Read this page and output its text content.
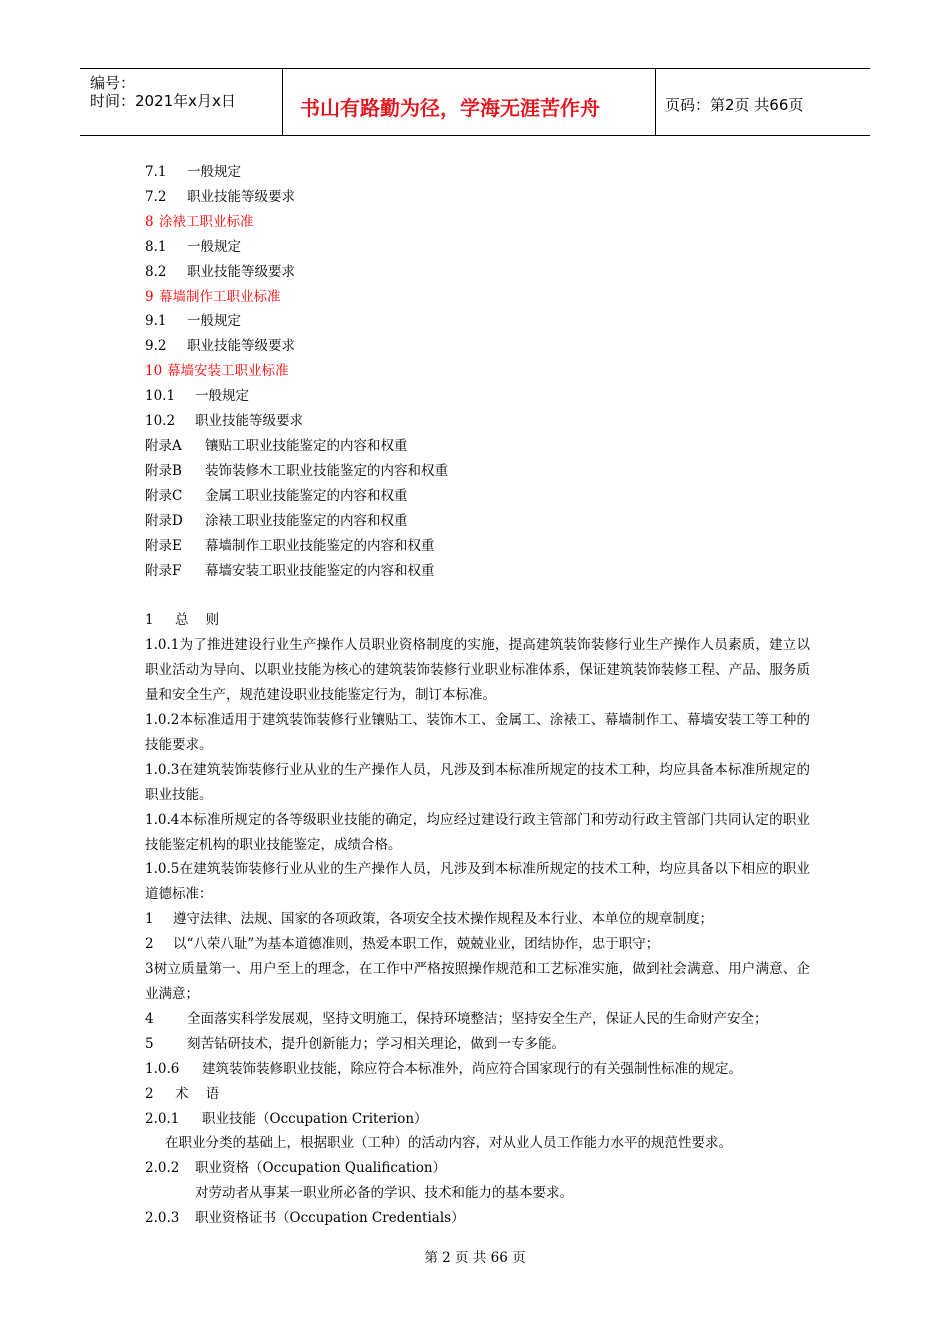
编号：
时间：2021年x月x日	书山有路勤为径，学海无涯苦作舟	页码：第2页 共66页
7.1 一般规定
7.2 职业技能等级要求
8 涂裱工职业标准
8.1 一般规定
8.2 职业技能等级要求
9 幕墙制作工职业标准
9.1 一般规定
9.2 职业技能等级要求
10 幕墙安装工职业标准
10.1 一般规定
10.2 职业技能等级要求
附录A 镶贴工职业技能鉴定的内容和权重
附录B 装饰装修木工职业技能鉴定的内容和权重
附录C 金属工职业技能鉴定的内容和权重
附录D 涂裱工职业技能鉴定的内容和权重
附录E 幕墙制作工职业技能鉴定的内容和权重
附录F 幕墙安装工职业技能鉴定的内容和权重
1 总    则
1.0.1为了推进建设行业生产操作人员职业资格制度的实施，提高建筑装饰装修行业生产操作人员素质，建立以职业活动为导向、以职业技能为核心的建筑装饰装修行业职业标准体系，保证建筑装饰装修工程、产品、服务质量和安全生产，规范建设职业技能鉴定行为，制订本标准。
1.0.2本标准适用于建筑装饰装修行业镶贴工、装饰木工、金属工、涂裱工、幕墙制作工、幕墙安装工等工种的技能要求。
1.0.3在建筑装饰装修行业从业的生产操作人员，凡涉及到本标准所规定的技术工种，均应具备本标准所规定的职业技能。
1.0.4本标准所规定的各等级职业技能的确定，均应经过建设行政主管部门和劳动行政主管部门共同认定的职业技能鉴定机构的职业技能鉴定，成绩合格。
1.0.5在建筑装饰装修行业从业的生产操作人员，凡涉及到本标准所规定的技术工种，均应具备以下相应的职业道德标准：
1 遵守法律、法规、国家的各项政策，各项安全技术操作规程及本行业、本单位的规章制度；
2 以“八荣八耻”为基本道德准则，热爱本职工作，兢兢业业，团结协作，忠于职守；
3树立质量第一、用户至上的理念，在工作中严格按照操作规范和工艺标准实施，做到社会满意、用户满意、企业满意；
4 全面落实科学发展观，坚持文明施工，保持环境整洁；坚持安全生产，保证人民的生命财产安全；
5 刻苦钻研技术，提升创新能力；学习相关理论，做到一专多能。
1.0.6 建筑装饰装修职业技能，除应符合本标准外，尚应符合国家现行的有关强制性标准的规定。
2 术    语
2.0.1 职业技能（Occupation Criterion）
在职业分类的基础上，根据职业（工种）的活动内容，对从业人员工作能力水平的规范性要求。
2.0.2 职业资格（Occupation Qualification）
对劳动者从事某一职业所必备的学识、技术和能力的基本要求。
2.0.3 职业资格证书（Occupation Credentials）
第 2 页 共 66 页
